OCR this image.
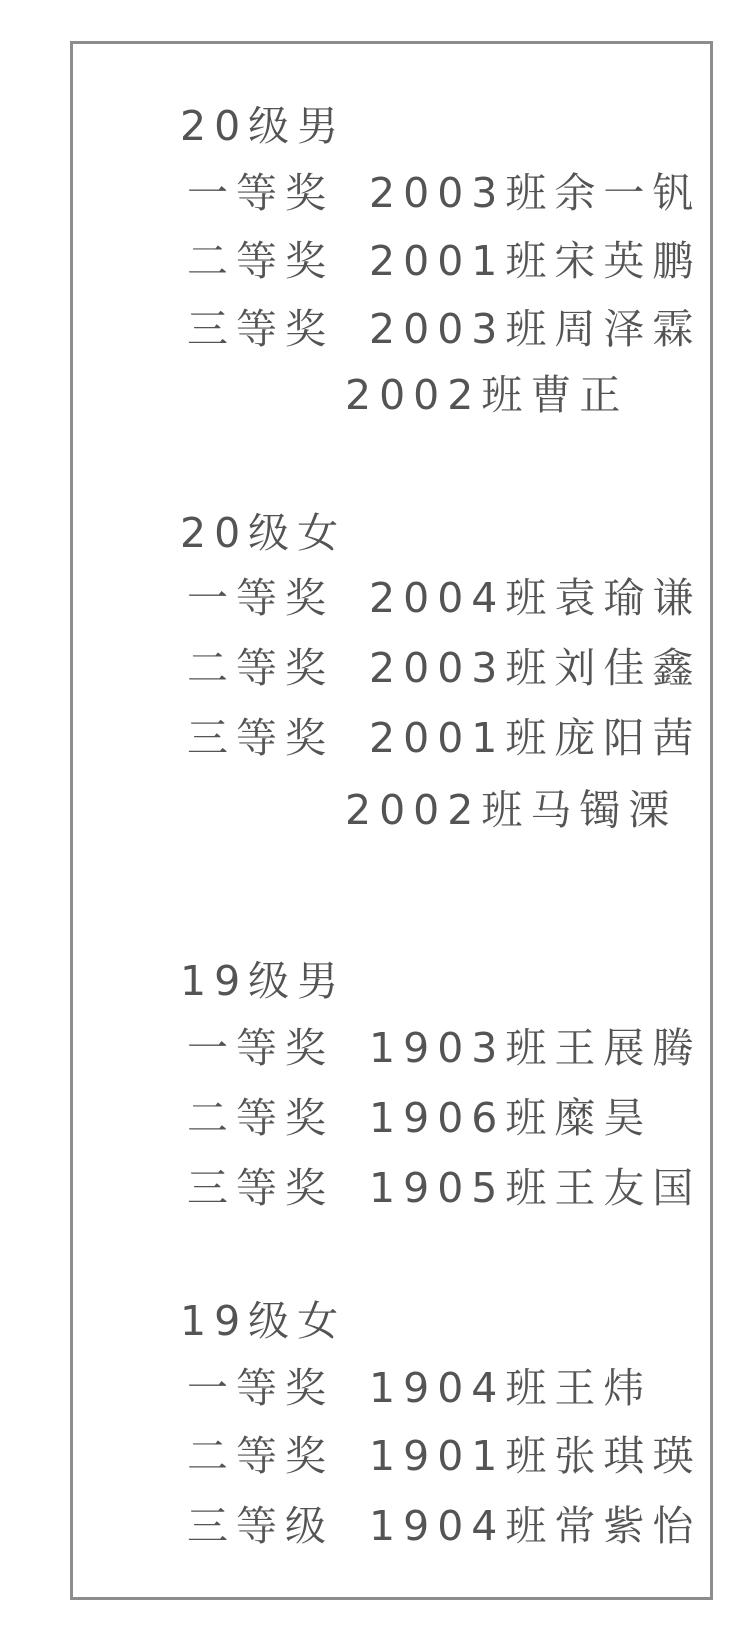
20级男
一等奖 2003班余一钒
二等奖 2001班宋英鹏
三等奖 2003班周泽霖
2002班曹正
20级女
一等奖 2004班袁瑜谦
二等奖 2003班刘佳鑫
三等奖 2001班庞阳茜
2002班马镯溧
19级男
一等奖 1903班王展腾
二等奖 1906班糜昊
三等奖 1905班王友国
19级女
一等奖 1904班王炜
二等奖 1901班张琪瑛
三等级 1904班常紫怡
